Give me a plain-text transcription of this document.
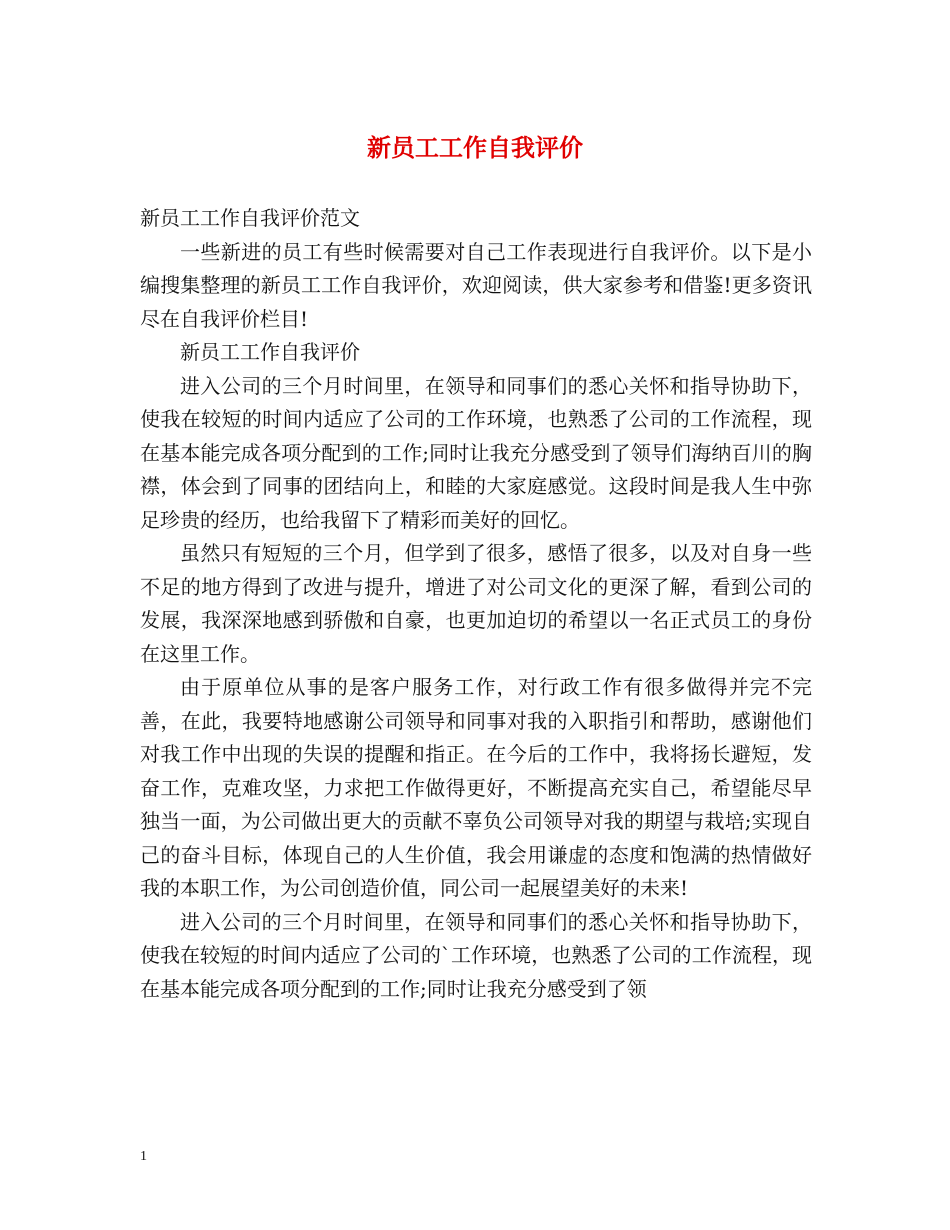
新员工工作自我评价

新员工工作自我评价范文

一些新进的员工有些时候需要对自己工作表现进行自我评价。以下是小编搜集整理的新员工工作自我评价，欢迎阅读，供大家参考和借鉴!更多资讯尽在自我评价栏目!

新员工工作自我评价

进入公司的三个月时间里，在领导和同事们的悉心关怀和指导协助下，使我在较短的时间内适应了公司的工作环境，也熟悉了公司的工作流程，现在基本能完成各项分配到的工作;同时让我充分感受到了领导们海纳百川的胸襟，体会到了同事的团结向上，和睦的大家庭感觉。这段时间是我人生中弥足珍贵的经历，也给我留下了精彩而美好的回忆。

虽然只有短短的三个月，但学到了很多，感悟了很多，以及对自身一些不足的地方得到了改进与提升，增进了对公司文化的更深了解，看到公司的发展，我深深地感到骄傲和自豪，也更加迫切的希望以一名正式员工的身份在这里工作。

由于原单位从事的是客户服务工作，对行政工作有很多做得并完不完善，在此，我要特地感谢公司领导和同事对我的入职指引和帮助，感谢他们对我工作中出现的失误的提醒和指正。在今后的工作中，我将扬长避短，发奋工作，克难攻坚，力求把工作做得更好，不断提高充实自己，希望能尽早独当一面，为公司做出更大的贡献不辜负公司领导对我的期望与栽培;实现自己的奋斗目标，体现自己的人生价值，我会用谦虚的态度和饱满的热情做好我的本职工作，为公司创造价值，同公司一起展望美好的未来!

进入公司的三个月时间里，在领导和同事们的悉心关怀和指导协助下，使我在较短的时间内适应了公司的`工作环境，也熟悉了公司的工作流程，现在基本能完成各项分配到的工作;同时让我充分感受到了领

1
